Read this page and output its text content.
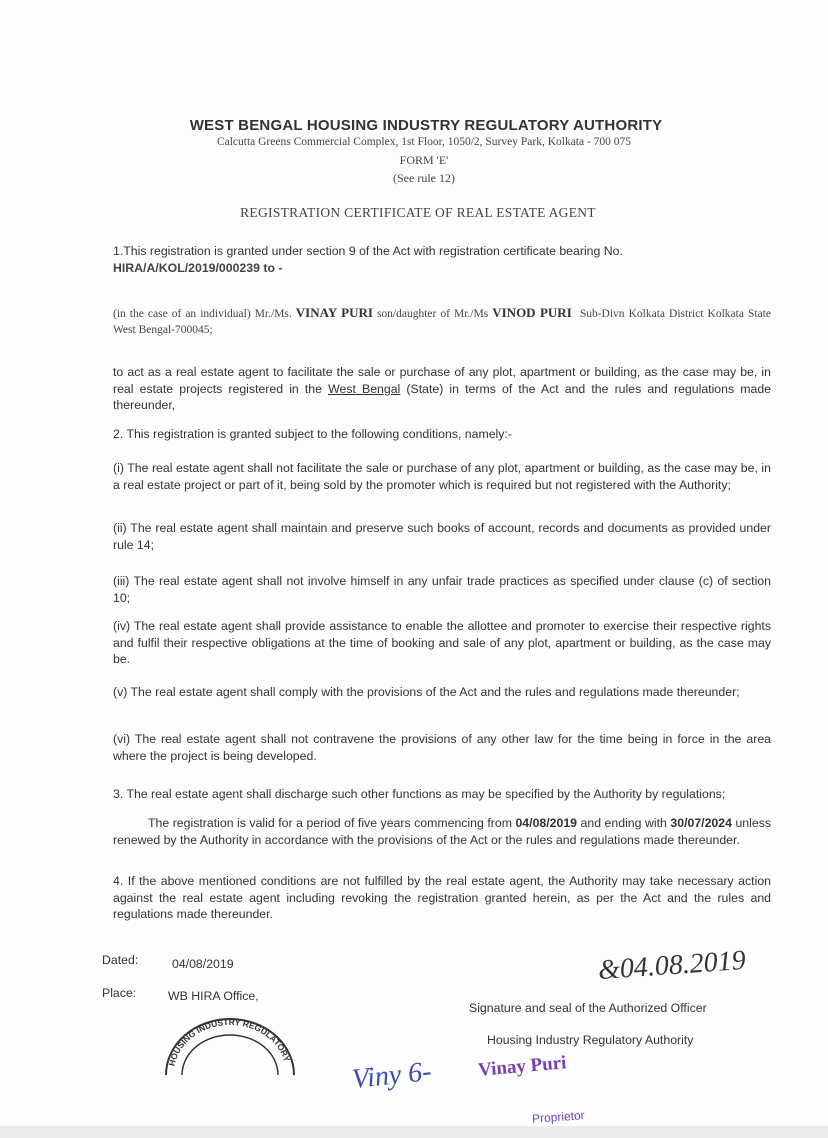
WEST BENGAL HOUSING INDUSTRY REGULATORY AUTHORITY
Calcutta Greens Commercial Complex, 1st Floor, 1050/2, Survey Park, Kolkata - 700 075
FORM 'E'
(See rule 12)
REGISTRATION CERTIFICATE OF REAL ESTATE AGENT
1.This registration is granted under section 9 of the Act with registration certificate bearing No.
HIRA/A/KOL/2019/000239 to -
(in the case of an individual) Mr./Ms. VINAY PURI son/daughter of Mr./Ms VINOD PURI Sub-Divn Kolkata District Kolkata State West Bengal-700045;
to act as a real estate agent to facilitate the sale or purchase of any plot, apartment or building, as the case may be, in real estate projects registered in the West Bengal (State) in terms of the Act and the rules and regulations made thereunder,
2. This registration is granted subject to the following conditions, namely:-
(i) The real estate agent shall not facilitate the sale or purchase of any plot, apartment or building, as the case may be, in a real estate project or part of it, being sold by the promoter which is required but not registered with the Authority;
(ii) The real estate agent shall maintain and preserve such books of account, records and documents as provided under rule 14;
(iii) The real estate agent shall not involve himself in any unfair trade practices as specified under clause (c) of section 10;
(iv) The real estate agent shall provide assistance to enable the allottee and promoter to exercise their respective rights and fulfil their respective obligations at the time of booking and sale of any plot, apartment or building, as the case may be.
(v) The real estate agent shall comply with the provisions of the Act and the rules and regulations made thereunder;
(vi) The real estate agent shall not contravene the provisions of any other law for the time being in force in the area where the project is being developed.
3. The real estate agent shall discharge such other functions as may be specified by the Authority by regulations;
The registration is valid for a period of five years commencing from 04/08/2019 and ending with 30/07/2024 unless renewed by the Authority in accordance with the provisions of the Act or the rules and regulations made thereunder.
4. If the above mentioned conditions are not fulfilled by the real estate agent, the Authority may take necessary action against the real estate agent including revoking the registration granted herein, as per the Act and the rules and regulations made thereunder.
Dated:	04/08/2019
Place:	WB HIRA Office,
HOUSING INDUSTRY REGULATORY
&04.08.2019
Signature and seal of the Authorized Officer
Housing Industry Regulatory Authority
Viny 6- Vinay Puri
Proprietor
